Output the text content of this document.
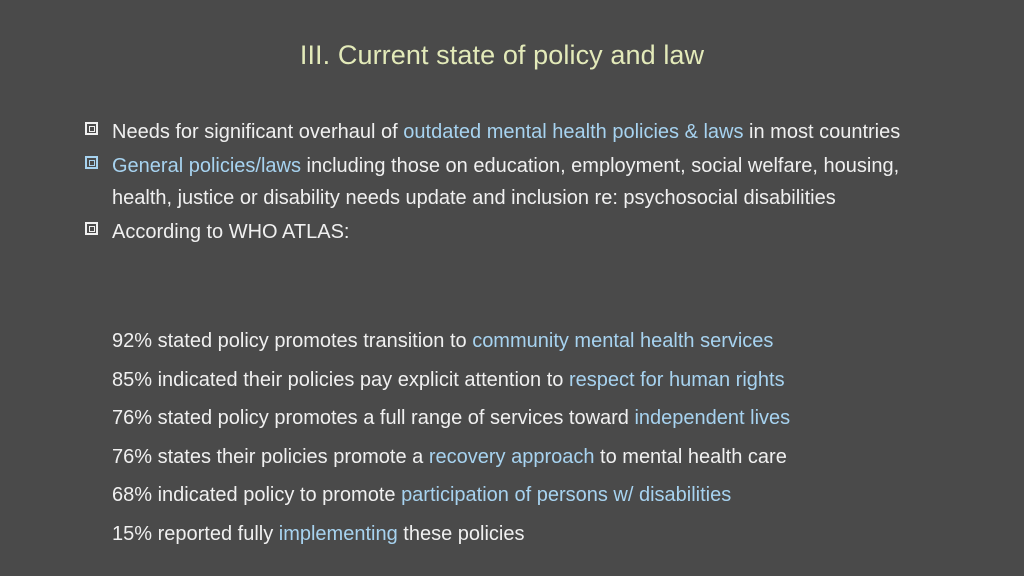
III. Current state of policy and law
Needs for significant overhaul of outdated mental health policies & laws in most countries
General policies/laws including those on education, employment, social welfare, housing, health, justice or disability needs update and inclusion re: psychosocial disabilities
According to WHO ATLAS:
92% stated policy promotes transition to community mental health services
85% indicated their policies pay explicit attention to respect for human rights
76% stated policy promotes a full range of services toward independent lives
76% states their policies promote a recovery approach to mental health care
68% indicated policy to promote participation of persons w/ disabilities
15% reported fully implementing these policies
